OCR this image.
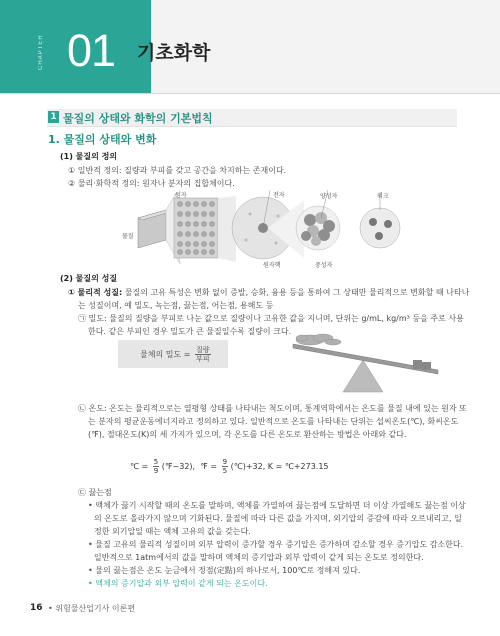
CHAPTER 01 기초화학
1 물질의 상태와 화학의 기본법칙
1. 물질의 상태와 변화
(1) 물질의 정의
① 일반적 정의: 질량과 부피를 갖고 공간을 차지하는 존재이다.
② 물리·화학적 정의: 원자나 분자의 집합체이다.
원자
물질
전자
원자핵
양성자	쿼크
중성자
(2) 물질의 성질
① 물리적 성질: 물질의 고유 특성은 변화 없이 증발, 승화, 융용 등을 통하여 그 상태만 물리적으로 변화할 때 나타나
는 성질이며, 예 밀도, 녹는점, 끓는점, 어는점, 용해도 등
㉠ 밀도: 물질의 질량을 부피로 나눈 값으로 질량이나 고유한 값을 지니며, 단위는 g/mL, kg/m³ 등을 주로 사용
한다. 같은 부피인 경우 밀도가 큰 물질일수록 질량이 크다.
물체의 밀도 = $\frac{\text{질량}}{\text{부피}}$
㉡ 온도: 온도는 물리적으로는 열평형 상태를 나타내는 척도이며, 통계역학에서는 온도를 물질 내에 있는 원자 또
는 분자의 평균운동에너지라고 정의하고 있다. 일반적으로 온도를 나타내는 단위는 섭씨온도(℃), 화씨온도
(℉), 절대온도(K)의 세 가지가 있으며, 각 온도를 다른 온도로 환산하는 방법은 아래와 같다.
℃ = $\frac{5}{9}$ (℉−32), ℉ = $\frac{9}{5}$ (℃)+32, K = ℃+273.15
㉢ 끓는점
• 액체가 끓기 시작할 때의 온도를 말하며, 액체를 가열하여 끓는점에 도달하면 더 이상 가열해도 끓는점 이상
의 온도로 올라가지 않으며 기화된다. 물질에 따라 다른 값을 가지며, 외기압의 증감에 따라 오르내리고, 일
정한 외기압일 때는 액체 고유의 값을 갖는다.
• 물질 고유의 물리적 성질이며 외부 압력이 증가할 경우 증기압은 증가하며 감소할 경우 증기압도 감소한다.
일반적으로 1atm에서의 값을 말하며 액체의 증기압과 외부 압력이 같게 되는 온도로 정의한다.
• 물의 끓는점은 온도 눈금에서 정점(定點)의 하나로서, 100℃로 정해져 있다.
• 액체의 증기압과 외부 압력이 같게 되는 온도이다.
16 • 위험물산업기사 이론편
